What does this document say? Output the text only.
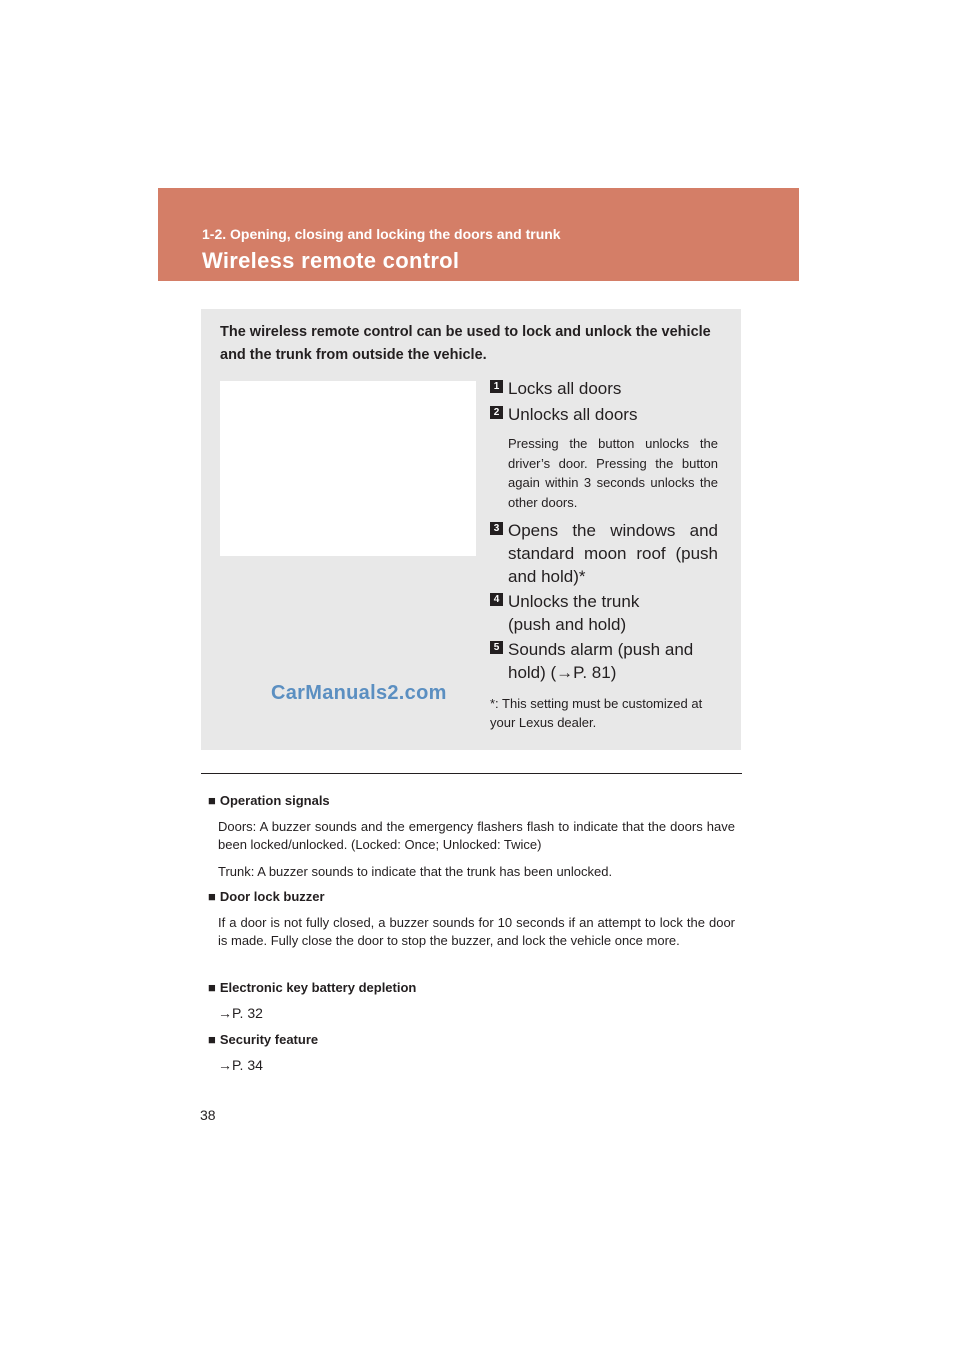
1-2. Opening, closing and locking the doors and trunk
Wireless remote control
The wireless remote control can be used to lock and unlock the vehicle and the trunk from outside the vehicle.
CarManuals2.com
1 Locks all doors
2 Unlocks all doors
Pressing the button unlocks the driver’s door. Pressing the button again within 3 seconds unlocks the other doors.
3 Opens the windows and standard moon roof (push and hold)*
4 Unlocks the trunk (push and hold)
5 Sounds alarm (push and hold) (→P. 81)
*: This setting must be customized at your Lexus dealer.
■ Operation signals
Doors: A buzzer sounds and the emergency flashers flash to indicate that the doors have been locked/unlocked. (Locked: Once; Unlocked: Twice)
Trunk: A buzzer sounds to indicate that the trunk has been unlocked.
■ Door lock buzzer
If a door is not fully closed, a buzzer sounds for 10 seconds if an attempt to lock the door is made. Fully close the door to stop the buzzer, and lock the vehicle once more.
■ Electronic key battery depletion
→P. 32
■ Security feature
→P. 34
38
